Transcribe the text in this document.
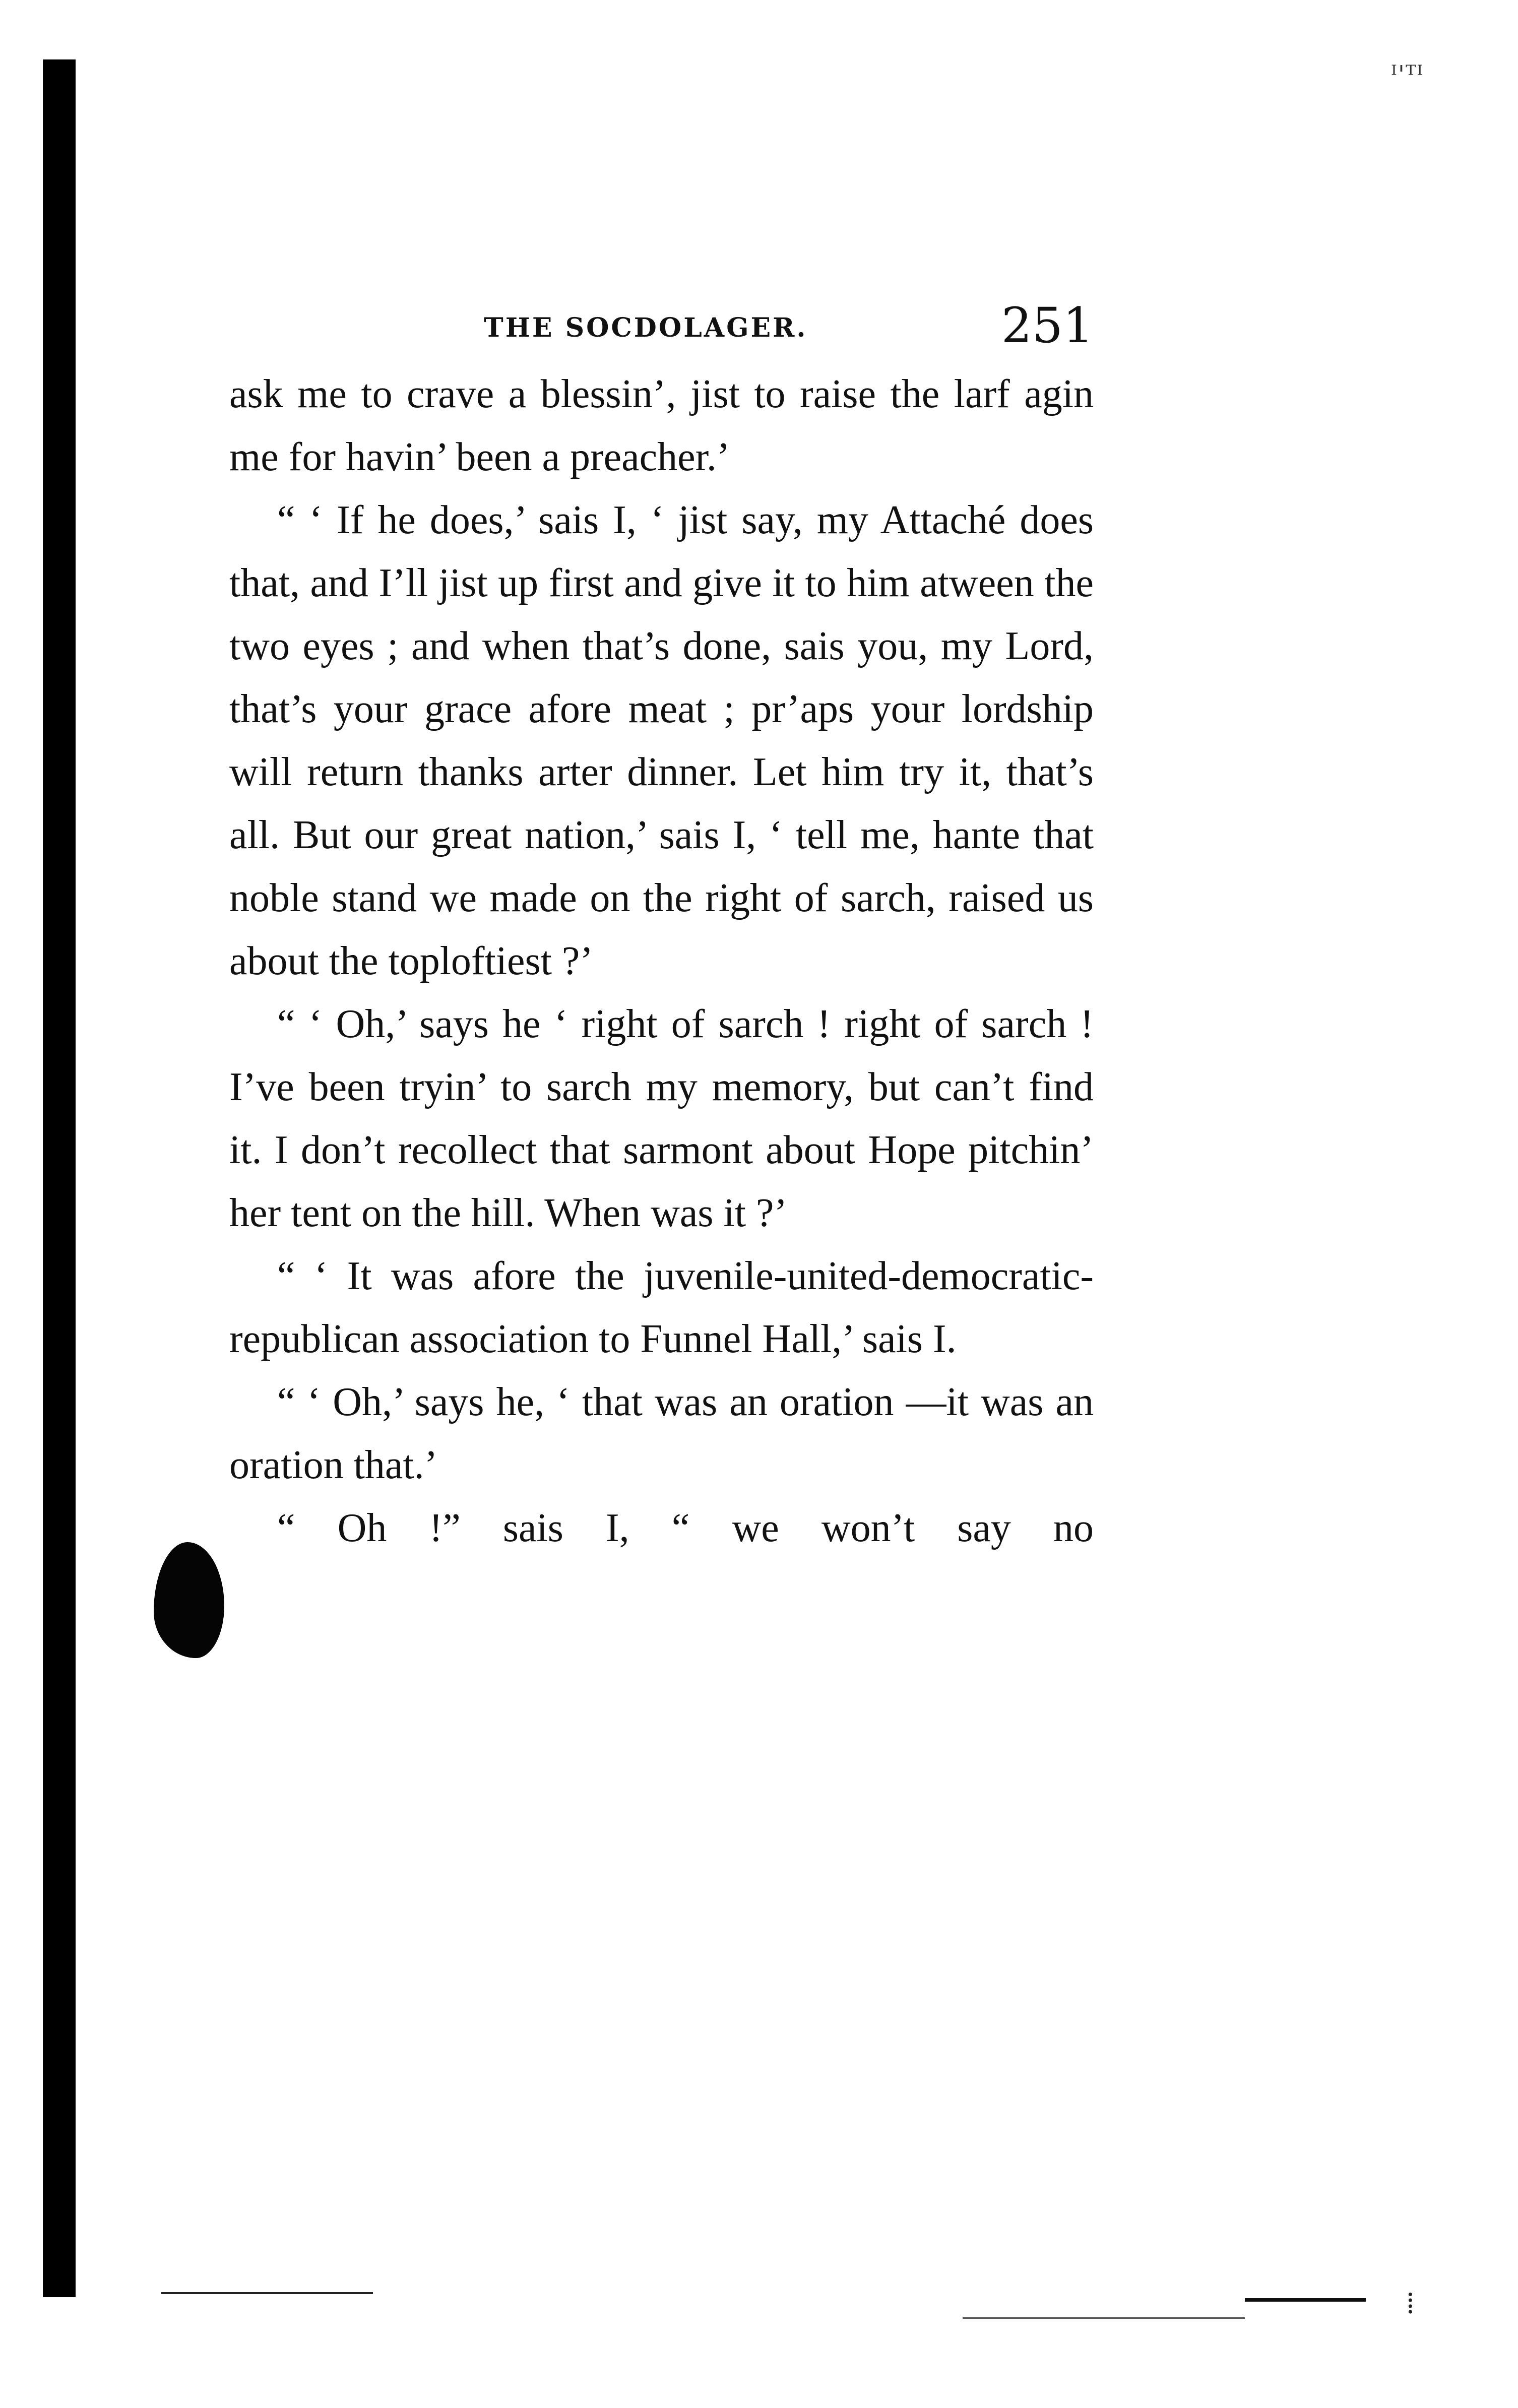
ᴵ'ᵀᴵ
THE SOCDOLAGER.	251

ask me to crave a blessin’, jist to raise the larf agin me for havin’ been a preacher.’

“ ‘ If he does,’ sais I, ‘ jist say, my Attaché does that, and I’ll jist up first and give it to him atween the two eyes ; and when that’s done, sais you, my Lord, that’s your grace afore meat ; pr’aps your lordship will return thanks arter dinner. Let him try it, that’s all. But our great nation,’ sais I, ‘ tell me, hante that noble stand we made on the right of sarch, raised us about the toploftiest ?’

“ ‘ Oh,’ says he ‘ right of sarch ! right of sarch ! I’ve been tryin’ to sarch my memory, but can’t find it. I don’t recollect that sarmont about Hope pitchin’ her tent on the hill. When was it ?’

“ ‘ It was afore the juvenile-united-democratic-republican association to Funnel Hall,’ sais I.

“ ‘ Oh,’ says he, ‘ that was an oration —it was an oration that.’

“ Oh !” sais I, “ we won’t say no

⁞
